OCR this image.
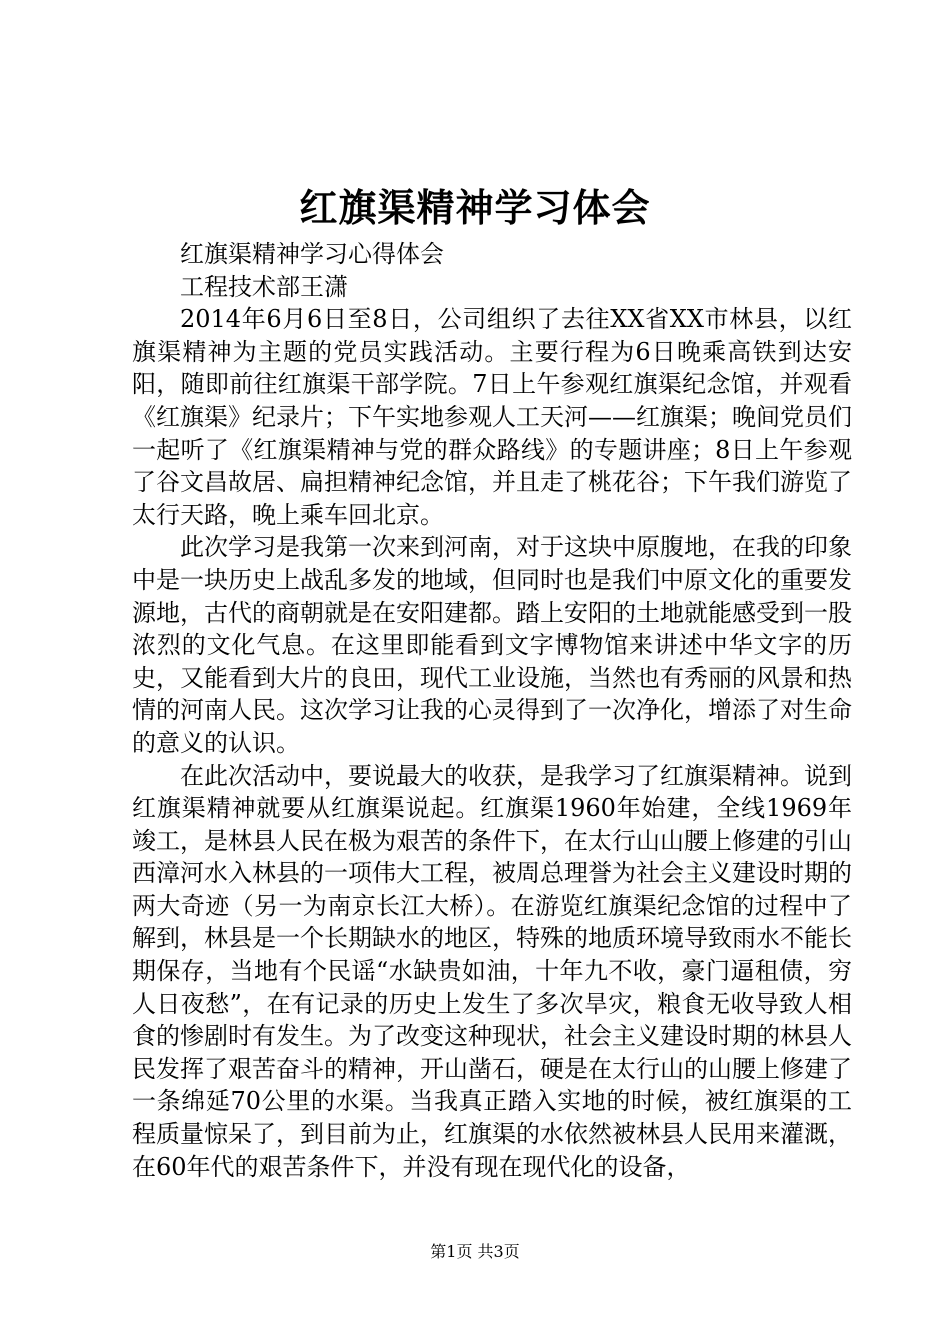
红旗渠精神学习体会

红旗渠精神学习心得体会

工程技术部王潇

2014年6月6日至8日，公司组织了去往XX省XX市林县，以红旗渠精神为主题的党员实践活动。主要行程为6日晚乘高铁到达安阳，随即前往红旗渠干部学院。7日上午参观红旗渠纪念馆，并观看《红旗渠》纪录片；下午实地参观人工天河——红旗渠；晚间党员们一起听了《红旗渠精神与党的群众路线》的专题讲座；8日上午参观了谷文昌故居、扁担精神纪念馆，并且走了桃花谷；下午我们游览了太行天路，晚上乘车回北京。

此次学习是我第一次来到河南，对于这块中原腹地，在我的印象中是一块历史上战乱多发的地域，但同时也是我们中原文化的重要发源地，古代的商朝就是在安阳建都。踏上安阳的土地就能感受到一股浓烈的文化气息。在这里即能看到文字博物馆来讲述中华文字的历史，又能看到大片的良田，现代工业设施，当然也有秀丽的风景和热情的河南人民。这次学习让我的心灵得到了一次净化，增添了对生命的意义的认识。

在此次活动中，要说最大的收获，是我学习了红旗渠精神。说到红旗渠精神就要从红旗渠说起。红旗渠1960年始建，全线1969年竣工，是林县人民在极为艰苦的条件下，在太行山山腰上修建的引山西漳河水入林县的一项伟大工程，被周总理誉为社会主义建设时期的两大奇迹（另一为南京长江大桥）。在游览红旗渠纪念馆的过程中了解到，林县是一个长期缺水的地区，特殊的地质环境导致雨水不能长期保存，当地有个民谣“水缺贵如油，十年九不收，豪门逼租债，穷人日夜愁”，在有记录的历史上发生了多次旱灾，粮食无收导致人相食的惨剧时有发生。为了改变这种现状，社会主义建设时期的林县人民发挥了艰苦奋斗的精神，开山凿石，硬是在太行山的山腰上修建了一条绵延70公里的水渠。当我真正踏入实地的时候，被红旗渠的工程质量惊呆了，到目前为止，红旗渠的水依然被林县人民用来灌溉，在60年代的艰苦条件下，并没有现在现代化的设备，

第1页 共3页
